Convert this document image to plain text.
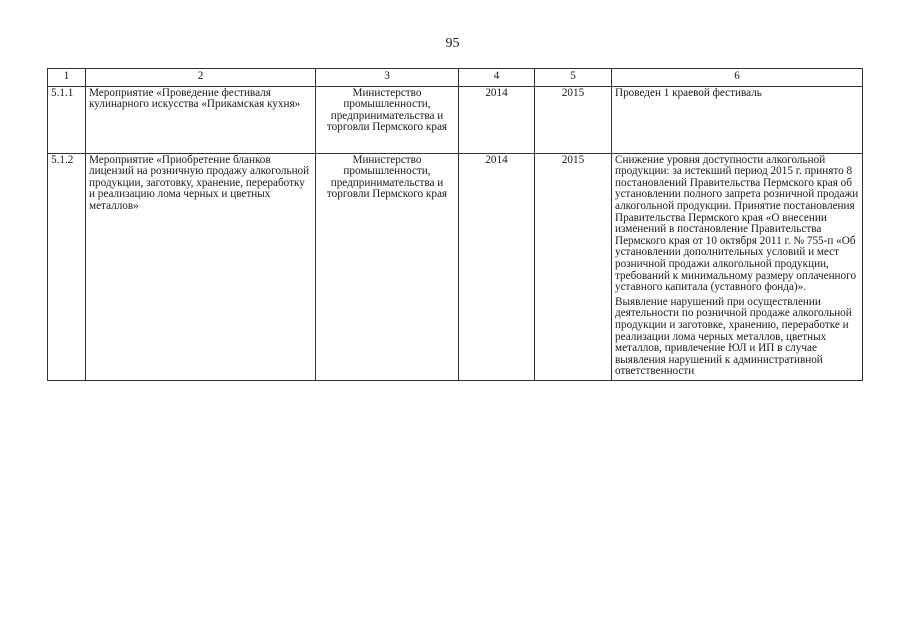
95
1	2	3	4	5	6
5.1.1	Мероприятие «Проведение фестиваля кулинарного искусства «Прикамская кухня»	Министерство промышленности, предпринимательства и торговли Пермского края	2014	2015	Проведен 1 краевой фестиваль

5.1.2	Мероприятие «Приобретение бланков лицензий на розничную продажу алкогольной продукции, заготовку, хранение, переработку и реализацию лома черных и цветных металлов»	Министерство промышленности, предпринимательства и торговли Пермского края	2014	2015	Снижение уровня доступности алкогольной продукции: за истекший период 2015 г. принято 8 постановлений Правительства Пермского края об установлении полного запрета розничной продажи алкогольной продукции. Принятие постановления Правительства Пермского края «О внесении изменений в постановление Правительства Пермского края от 10 октября 2011 г. № 755-п «Об установлении дополнительных условий и мест розничной продажи алкогольной продукции, требований к минимальному размеру оплаченного уставного капитала (уставного фонда)».
Выявление нарушений при осуществлении деятельности по розничной продаже алкогольной продукции и заготовке, хранению, переработке и реализации лома черных металлов, цветных металлов, привлечение ЮЛ и ИП в случае выявления нарушений к административной ответственности
